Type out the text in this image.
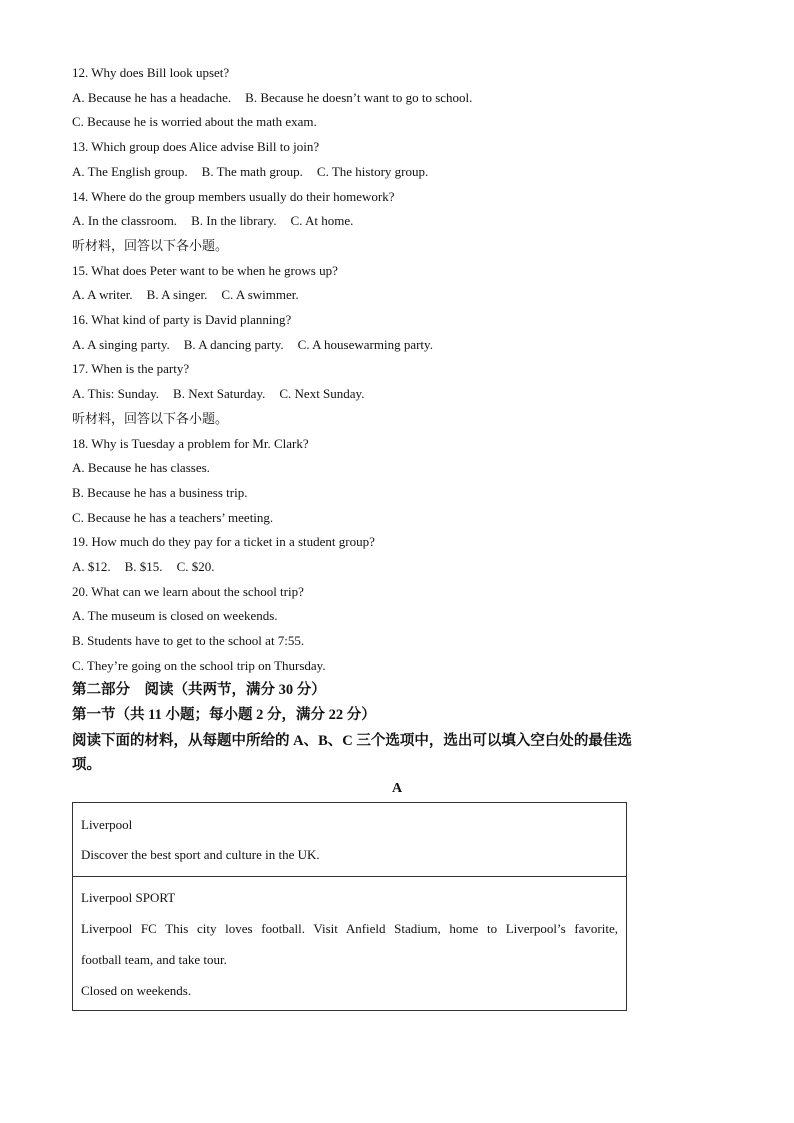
12. Why does Bill look upset?
A. Because he has a headache. B. Because he doesn’t want to go to school.
C. Because he is worried about the math exam.
13. Which group does Alice advise Bill to join?
A. The English group. B. The math group. C. The history group.
14. Where do the group members usually do their homework?
A. In the classroom. B. In the library. C. At home.
听材料，回答以下各小题。
15. What does Peter want to be when he grows up?
A. A writer. B. A singer. C. A swimmer.
16. What kind of party is David planning?
A. A singing party. B. A dancing party. C. A housewarming party.
17. When is the party?
A. This: Sunday. B. Next Saturday. C. Next Sunday.
听材料，回答以下各小题。
18. Why is Tuesday a problem for Mr. Clark?
A. Because he has classes.
B. Because he has a business trip.
C. Because he has a teachers’ meeting.
19. How much do they pay for a ticket in a student group?
A. $12. B. $15. C. $20.
20. What can we learn about the school trip?
A. The museum is closed on weekends.
B. Students have to get to the school at 7:55.
C. They’re going on the school trip on Thursday.
第二部分　阅读（共两节，满分 30 分）
第一节（共 11 小题；每小题 2 分，满分 22 分）
阅读下面的材料，从每题中所给的 A、B、C 三个选项中，选出可以填入空白处的最佳选
项。
A
Liverpool
Discover the best sport and culture in the UK.
Liverpool SPORT
Liverpool FC This city loves football. Visit Anfield Stadium, home to Liverpool’s favorite,
football team, and take tour.
Closed on weekends.
